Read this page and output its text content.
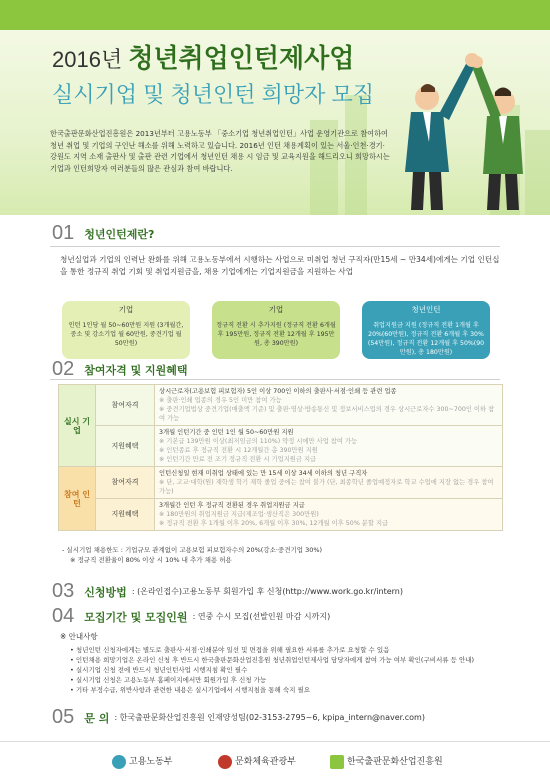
2016년 청년취업인턴제사업
실시기업 및 청년인턴 희망자 모집
한국출판문화산업진흥원은 2013년부터 고용노동부 「중소기업 청년취업인턴」사업 운영기관으로 참여하여 청년 취업 및 기업의 구인난 해소를 위해 노력하고 있습니다. 2016년 인턴 채용계획이 있는 서울·인천·경기·강원도 지역 소재 출판사 및 출판 관련 기업에서 청년인턴 채용 시 임금 및 교육지원을 해드리오니 희망하시는 기업과 인턴희망자 여러분들의 많은 관심과 참여 바랍니다.
01 청년인턴제란?
청년실업과 기업의 인력난 완화를 위해 고용노동부에서 시행하는 사업으로 미취업 청년 구직자(만15세 ~ 만34세)에게는 기업 인턴십을 통한 정규직 취업 기회 및 취업지원금을, 채용 기업에게는 기업지원금을 지원하는 사업
기업
인턴 1인당 월 50~60만원 지원 (3개월간, 중소 및 강소기업 월 60만원, 중견기업 월 50만원)
기업
정규직 전환 시 추가지원 (정규직 전환 6개월 후 195만원, 정규직 전환 12개월 후 195만원, 총 390만원)
청년인턴
취업지원금 지원 (정규직 전환 1개월 후 20%(60만원), 정규직 전환 6개월 후 30%(54만원), 정규직 전환 12개월 후 50%(90만원), 총 180만원)
02 참여자격 및 지원혜택
실시 기업	참여자격	상시근로자(고용보험 피보험자) 5인 이상 700인 이하의 출판사·서점·인쇄 등 관련 업종
※ 출판·인쇄 업종의 경우 5인 미만 참여 가능
※ 중견기업법상 중견기업(매출액 기준) 및 출판·영상·방송통신 및 정보서비스업의 경우 상시근로자수 300~700인 이하 참여 가능

	지원혜택	3개월 인턴기간 중 인턴 1인 월 50~60만원 지원
※ 기본급 139만원 이상(최저임금의 110%) 약정 시에만 사업 참여 가능
※ 인턴종료 후 정규직 전환 시 12개월간 총 390만원 지원
※ 인턴기간 만료 전 조기 정규직 전환 시 기업지원금 지급

참여 인턴	참여자격	인턴신청일 현재 미취업 상태에 있는 만 15세 이상 34세 이하의 청년 구직자
※ 단, 고교·대학(원) 재학생 학기 재학 졸업 중에는 참여 불가 (단, 최종학년 졸업예정자로 학교 수업에 지장 없는 경우 참여 가능)

	지원혜택	3개월간 인턴 후 정규직 전환된 경우 취업지원금 지급
※ 180만원의 취업지원금 지급(제조업·생산직은 300만원)
※ 정규직 전환 후 1개월 이후 20%, 6개월 이후 30%, 12개월 이후 50% 분할 지급
- 실시기업 채용한도 : 기업규모 관계없이 고용보험 피보험자수의 20%(강소·중견기업 30%)
※ 정규직 전환율이 80% 이상 시 10% 내 추가 채용 허용
03 신청방법 : (온라인접수)고용노동부 회원가입 후 신청(http://www.work.go.kr/intern)
04 모집기간 및 모집인원 : 연중 수시 모집(선발인원 마감 시까지)
※ 안내사항
• 청년인턴 신청자에게는 별도로 출판사·서점·인쇄분야 일선 및 면접을 위해 필요한 서류를 추가로 요청할 수 있음
• 인턴채용 희망기업은 온라인 신청 후 반드시 한국출판문화산업진흥원 청년취업인턴제사업 담당자에게 참여 가능 여부 확인(구비서류 등 안내)
• 실시기업 신청 전에 반드시 청년인턴사업 시행지침 확인 필수
• 실시기업 신청은 고용노동부 홈페이지에서만 회원가입 후 신청 가능
• 기타 부정수급, 위반사항과 관련한 내용은 실시기업에서 시행지침을 통해 숙지 필요
05 문 의 : 한국출판문화산업진흥원 인재양성팀(02-3153-2795~6, kpipa_intern@naver.com)
고용노동부	문화체육관광부	한국출판문화산업진흥원
